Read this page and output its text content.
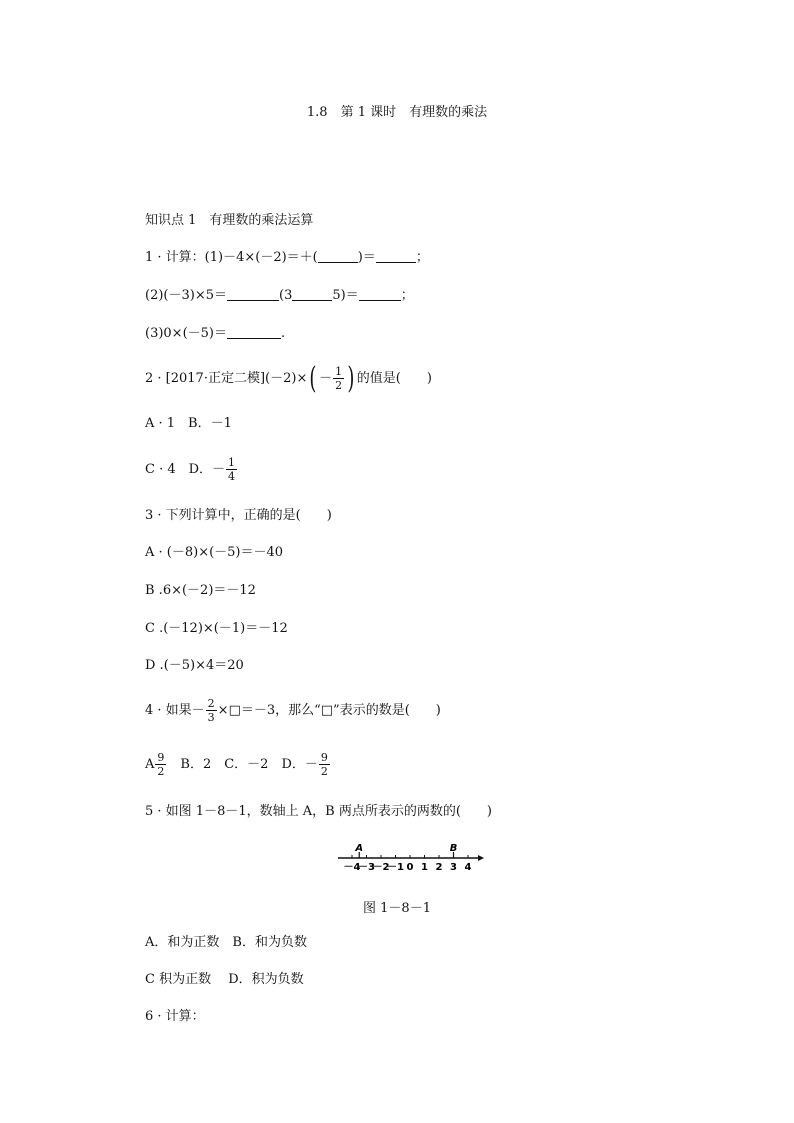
1.8　第 1 课时　有理数的乘法
知识点 1　有理数的乘法运算
1 · 计算：(1)－4×(－2)＝＋(	)＝	；
(2)(－3)×5＝	(3	5)＝	；
(3)0×(－5)＝	.
2 · [2017·正定二模]$(-2)\times( - \frac{1}{2}$ ) 的值是( )
A · 1　B．－1
C · 4　D．－ $\frac{1}{4}$
3 · 下列计算中，正确的是( )
A · (－8)×(－5)＝－40
B .6×(－2)＝－12
C .(－12)×(－1)＝－12
D .(－5)×4＝20
4 · 如果－ $\frac{2}{3}$ ×□＝－3，那么“□”表示的数是( )
A $\frac{9}{2}$
　 B．2　C．－2　D．－ $\frac{9}{2}$
5 · 如图 1－8－1，数轴上 A，B 两点所表示的两数的( )
－4
－3
－2
－1 0 1 2 3 4
A	B
图 1－8－1
A．和为正数　B．和为负数
C 积为正数　 D．积为负数
6 · 计算：
